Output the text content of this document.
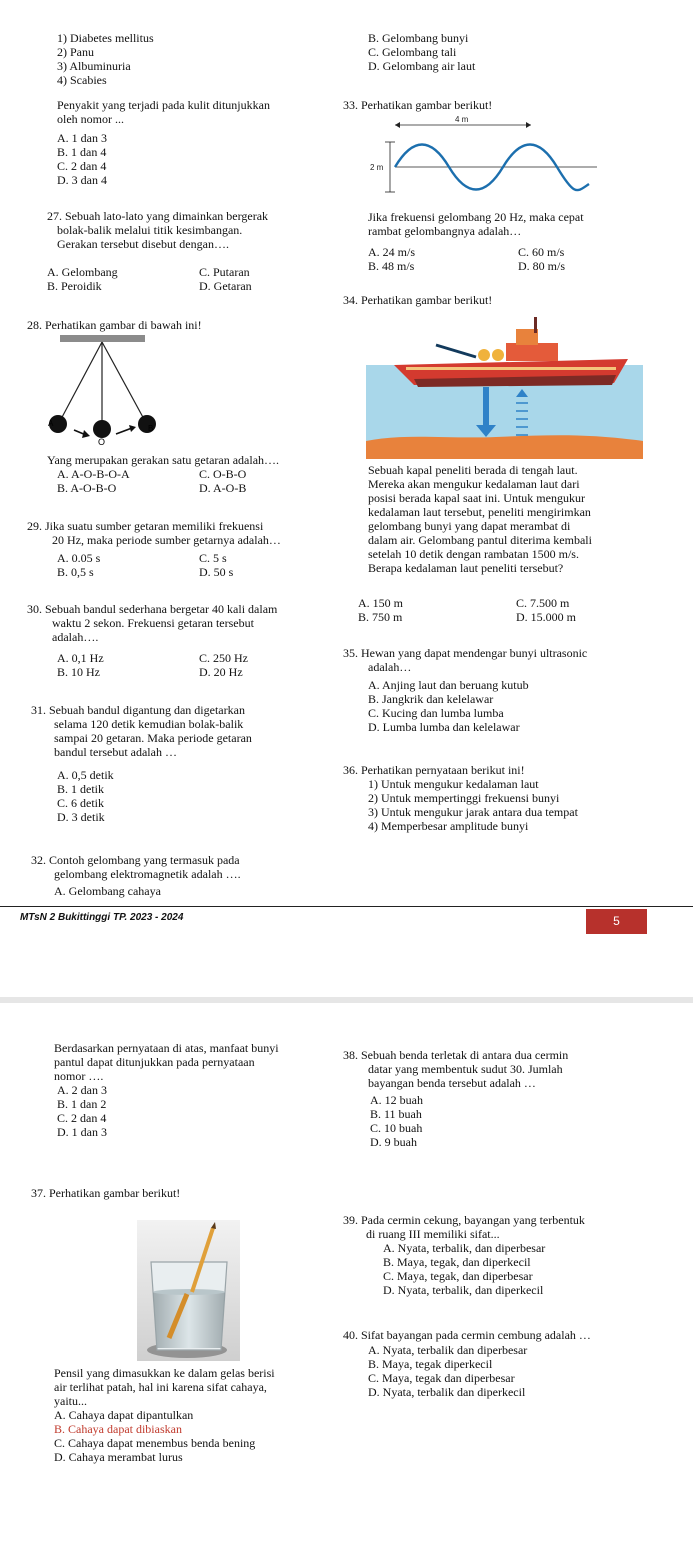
1) Diabetes mellitus

2) Panu

3) Albuminuria

4) Scabies

Penyakit yang terjadi pada kulit ditunjukkan

oleh nomor ...

A. 1 dan 3

B. 1 dan 4

C. 2 dan 4

D. 3 dan 4

27. Sebuah lato-lato yang dimainkan bergerak

bolak-balik melalui titik kesimbangan.

Gerakan tersebut disebut dengan….

A. Gelombang	C. Putaran
B. Peroidik	D. Getaran

28. Perhatikan gambar di bawah ini!

A
B
O

Yang merupakan gerakan satu getaran adalah….

A. A-O-B-O-A	C. O-B-O
B. A-O-B-O	D. A-O-B

29. Jika suatu sumber getaran memiliki frekuensi

20 Hz, maka periode sumber getarnya adalah…

A. 0.05 s	C. 5 s
B. 0,5 s	D. 50 s

30. Sebuah bandul sederhana bergetar 40 kali dalam

waktu 2 sekon. Frekuensi getaran tersebut

adalah….

A. 0,1 Hz	C. 250 Hz
B. 10 Hz	D. 20 Hz

31. Sebuah bandul digantung dan digetarkan

selama 120 detik kemudian bolak-balik

sampai 20 getaran. Maka periode getaran

bandul tersebut adalah …

A. 0,5 detik

B. 1 detik

C. 6 detik

D. 3 detik

32. Contoh gelombang yang termasuk pada

gelombang elektromagnetik adalah ….

A. Gelombang cahaya

B. Gelombang bunyi

C. Gelombang tali

D. Gelombang air laut

33. Perhatikan gambar berikut!

4 m
2 m

Jika frekuensi gelombang 20 Hz, maka cepat

rambat gelombangnya adalah…

A. 24 m/s	C. 60 m/s
B. 48 m/s	D. 80 m/s

34. Perhatikan gambar berikut!

Sebuah kapal peneliti berada di tengah laut.

Mereka akan mengukur kedalaman laut dari

posisi berada kapal saat ini. Untuk mengukur

kedalaman laut tersebut, peneliti mengirimkan

gelombang bunyi yang dapat merambat di

dalam air. Gelombang pantul diterima kembali

setelah 10 detik dengan rambatan 1500 m/s.

Berapa kedalaman laut peneliti tersebut?

A. 150 m	C. 7.500 m
B. 750 m	D. 15.000 m

35. Hewan yang dapat mendengar bunyi ultrasonic

adalah…

A. Anjing laut dan beruang kutub

B. Jangkrik dan kelelawar

C. Kucing dan lumba lumba

D. Lumba lumba dan kelelawar

36. Perhatikan pernyataan berikut ini!

1) Untuk mengukur kedalaman laut

2) Untuk mempertinggi frekuensi bunyi

3) Untuk mengukur jarak antara dua tempat

4) Memperbesar amplitude bunyi

MTsN 2 Bukittinggi TP. 2023 - 2024	5

Berdasarkan pernyataan di atas, manfaat bunyi

pantul dapat ditunjukkan pada pernyataan

nomor ….

A. 2 dan 3

B. 1 dan 2

C. 2 dan 4

D. 1 dan 3

37. Perhatikan gambar berikut!

Pensil yang dimasukkan ke dalam gelas berisi

air terlihat patah, hal ini karena sifat cahaya,

yaitu...

A. Cahaya dapat dipantulkan

B. Cahaya dapat dibiaskan

C. Cahaya dapat menembus benda bening

D. Cahaya merambat lurus

38. Sebuah benda terletak di antara dua cermin

datar yang membentuk sudut 30. Jumlah

bayangan benda tersebut adalah …

A. 12 buah

B. 11 buah

C. 10 buah

D. 9 buah

39. Pada cermin cekung, bayangan yang terbentuk

di ruang III memiliki sifat...

A. Nyata, terbalik, dan diperbesar

B. Maya, tegak, dan diperkecil

C. Maya, tegak, dan diperbesar

D. Nyata, terbalik, dan diperkecil

40. Sifat bayangan pada cermin cembung adalah …

A. Nyata, terbalik dan diperbesar

B. Maya, tegak diperkecil

C. Maya, tegak dan diperbesar

D. Nyata, terbalik dan diperkecil
